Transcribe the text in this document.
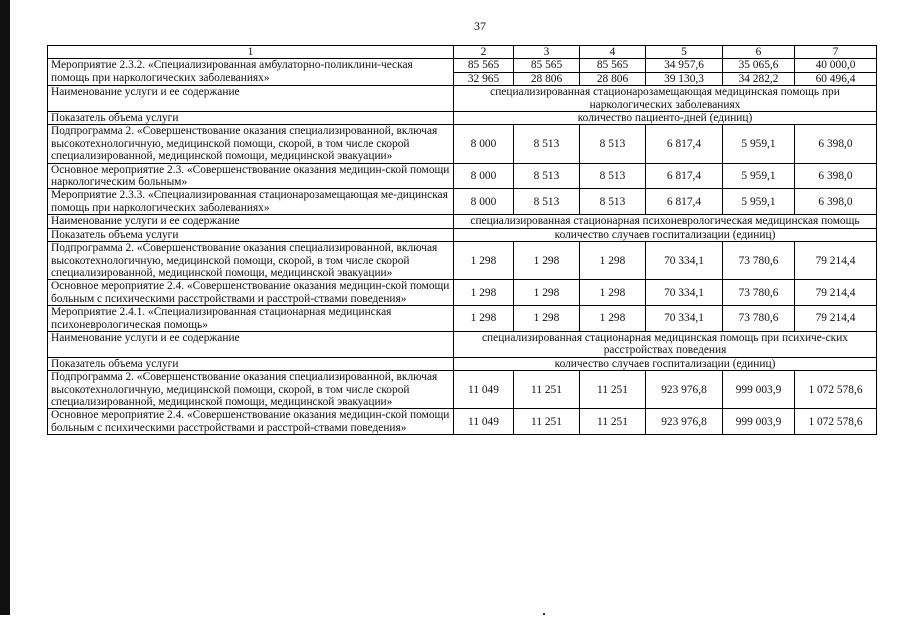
37
1	2	3	4	5	6	7
Мероприятие 2.3.2. «Специализированная амбулаторно-поликлини-ческая помощь при наркологических заболеваниях»	85 565	85 565	85 565	34 957,6	35 065,6	40 000,0
	32 965	28 806	28 806	39 130,3	34 282,2	60 496,4
Наименование услуги и ее содержание	специализированная стационарозамещающая медицинская помощь при наркологических заболеваниях					
Показатель объема услуги	количество пациенто-дней (единиц)					
Подпрограмма 2. «Совершенствование оказания специализированной, включая высокотехнологичную, медицинской помощи, скорой, в том числе скорой специализированной, медицинской помощи, медицинской эвакуации»	8 000	8 513	8 513	6 817,4	5 959,1	6 398,0
Основное мероприятие 2.3. «Совершенствование оказания медицин-ской помощи наркологическим больным»	8 000	8 513	8 513	6 817,4	5 959,1	6 398,0
Мероприятие 2.3.3. «Специализированная стационарозамещающая ме-дицинская помощь при наркологических заболеваниях»	8 000	8 513	8 513	6 817,4	5 959,1	6 398,0
Наименование услуги и ее содержание	специализированная стационарная психоневрологическая медицинская помощь					
Показатель объема услуги	количество случаев госпитализации (единиц)					
Подпрограмма 2. «Совершенствование оказания специализированной, включая высокотехнологичную, медицинской помощи, скорой, в том числе скорой специализированной, медицинской помощи, медицинской эвакуации»	1 298	1 298	1 298	70 334,1	73 780,6	79 214,4
Основное мероприятие 2.4. «Совершенствование оказания медицин-ской помощи больным с психическими расстройствами и расстрой-ствами поведения»	1 298	1 298	1 298	70 334,1	73 780,6	79 214,4
Мероприятие 2.4.1. «Специализированная стационарная медицинская психоневрологическая помощь»	1 298	1 298	1 298	70 334,1	73 780,6	79 214,4
Наименование услуги и ее содержание	специализированная стационарная медицинская помощь при психиче-ских расстройствах поведения					
Показатель объема услуги	количество случаев госпитализации (единиц)					
Подпрограмма 2. «Совершенствование оказания специализированной, включая высокотехнологичную, медицинской помощи, скорой, в том числе скорой специализированной, медицинской помощи, медицинской эвакуации»	11 049	11 251	11 251	923 976,8	999 003,9	1 072 578,6
Основное мероприятие 2.4. «Совершенствование оказания медицин-ской помощи больным с психическими расстройствами и расстрой-ствами поведения»	11 049	11 251	11 251	923 976,8	999 003,9	1 072 578,6
